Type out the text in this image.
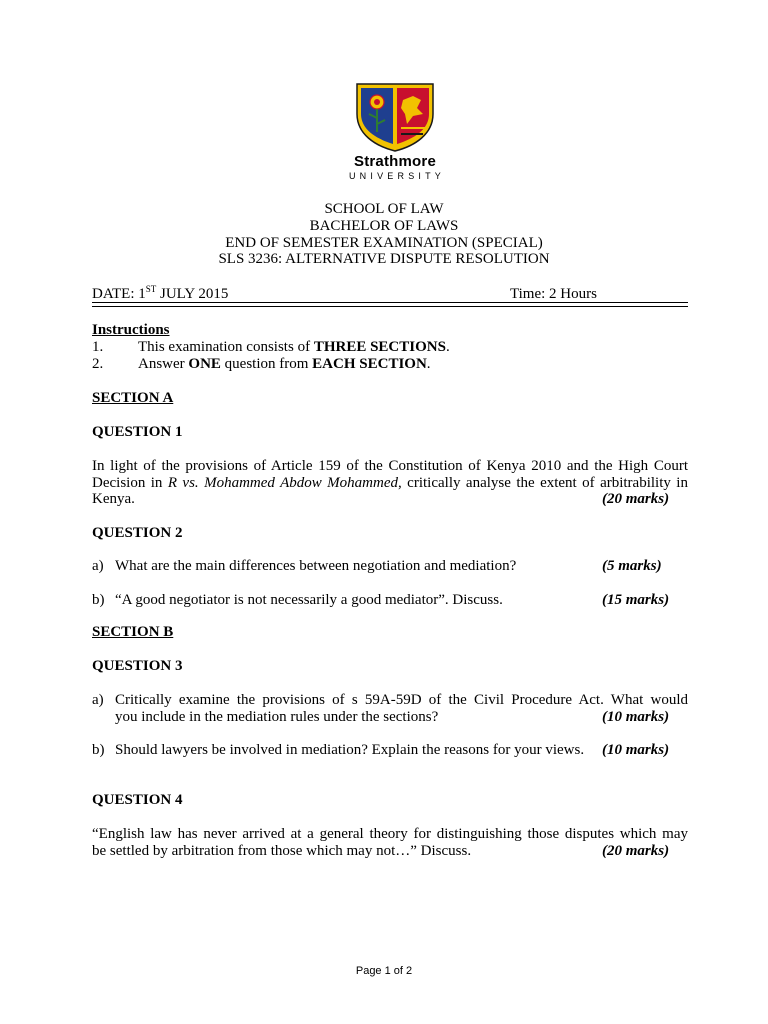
Strathmore
UNIVERSITY
SCHOOL OF LAW
BACHELOR OF LAWS
END OF SEMESTER EXAMINATION (SPECIAL)
SLS 3236: ALTERNATIVE DISPUTE RESOLUTION
DATE: 1ST JULY 2015	Time: 2 Hours
Instructions
1. This examination consists of THREE SECTIONS.
2. Answer ONE question from EACH SECTION.
SECTION A
QUESTION 1
In light of the provisions of Article 159 of the Constitution of Kenya 2010 and the High Court
Decision in R vs. Mohammed Abdow Mohammed, critically analyse the extent of arbitrability in
Kenya.	(20 marks)
QUESTION 2
a) What are the main differences between negotiation and mediation?	(5 marks)
b) “A good negotiator is not necessarily a good mediator”. Discuss.	(15 marks)
SECTION B
QUESTION 3
a) Critically examine the provisions of s 59A-59D of the Civil Procedure Act. What would
you include in the mediation rules under the sections?	(10 marks)
b) Should lawyers be involved in mediation? Explain the reasons for your views. (10 marks)
QUESTION 4
“English law has never arrived at a general theory for distinguishing those disputes which may
be settled by arbitration from those which may not…” Discuss.	(20 marks)
Page 1 of 2
